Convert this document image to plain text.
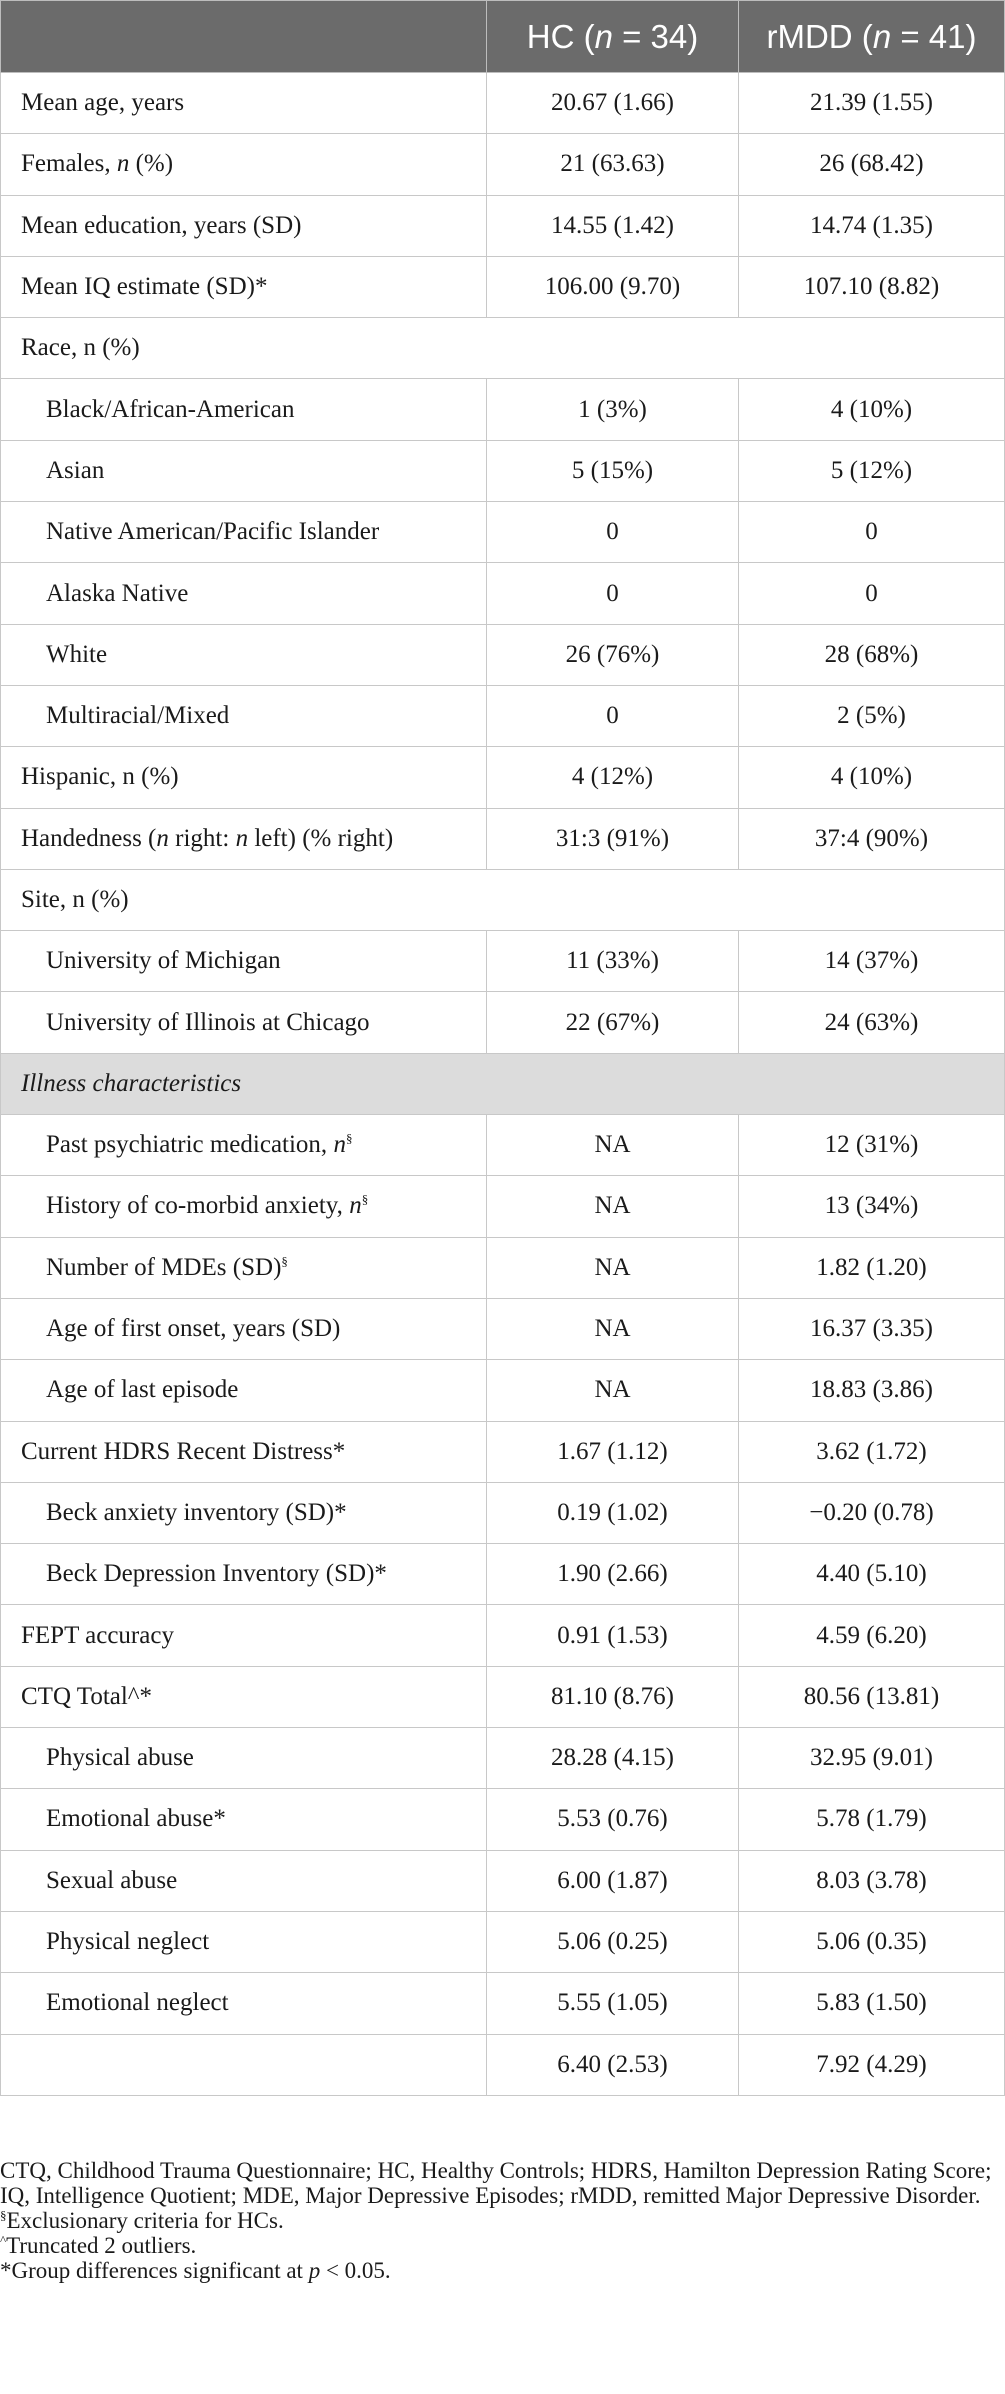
	HC (n = 34)	rMDD (n = 41)
Mean age, years	20.67 (1.66)	21.39 (1.55)
Females, n (%)	21 (63.63)	26 (68.42)
Mean education, years (SD)	14.55 (1.42)	14.74 (1.35)
Mean IQ estimate (SD)*	106.00 (9.70)	107.10 (8.82)
Race, n (%)		
Black/African-American	1 (3%)	4 (10%)
Asian	5 (15%)	5 (12%)
Native American/Pacific Islander	0	0
Alaska Native	0	0
White	26 (76%)	28 (68%)
Multiracial/Mixed	0	2 (5%)
Hispanic, n (%)	4 (12%)	4 (10%)
Handedness (n right: n left) (% right)	31:3 (91%)	37:4 (90%)
Site, n (%)		
University of Michigan	11 (33%)	14 (37%)
University of Illinois at Chicago	22 (67%)	24 (63%)
Illness characteristics		
Past psychiatric medication, n§	NA	12 (31%)
History of co-morbid anxiety, n§	NA	13 (34%)
Number of MDEs (SD)§	NA	1.82 (1.20)
Age of first onset, years (SD)	NA	16.37 (3.35)
Age of last episode	NA	18.83 (3.86)
Current HDRS Recent Distress*	1.67 (1.12)	3.62 (1.72)
Beck anxiety inventory (SD)*	0.19 (1.02)	−0.20 (0.78)
Beck Depression Inventory (SD)*	1.90 (2.66)	4.40 (5.10)
FEPT accuracy	0.91 (1.53)	4.59 (6.20)
CTQ Total^*	81.10 (8.76)	80.56 (13.81)
Physical abuse	28.28 (4.15)	32.95 (9.01)
Emotional abuse*	5.53 (0.76)	5.78 (1.79)
Sexual abuse	6.00 (1.87)	8.03 (3.78)
Physical neglect	5.06 (0.25)	5.06 (0.35)
Emotional neglect	5.55 (1.05)	5.83 (1.50)
	6.40 (2.53)	7.92 (4.29)

CTQ, Childhood Trauma Questionnaire; HC, Healthy Controls; HDRS, Hamilton Depression Rating Score; IQ, Intelligence Quotient; MDE, Major Depressive Episodes; rMDD, remitted Major Depressive Disorder.

§Exclusionary criteria for HCs.

^Truncated 2 outliers.

*Group differences significant at p < 0.05.
